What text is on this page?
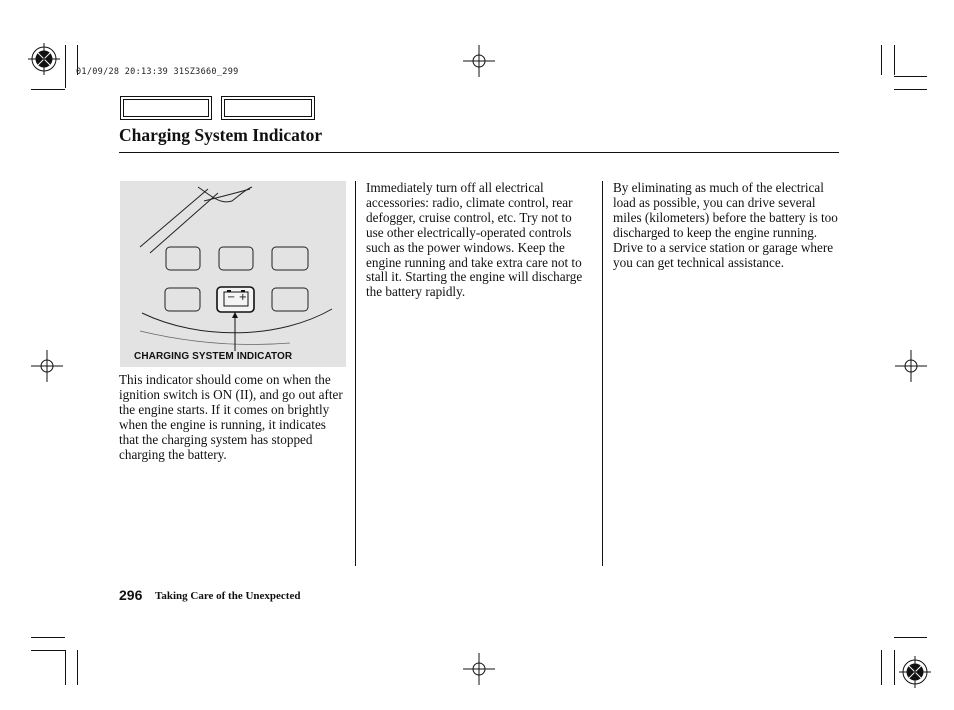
01/09/28 20:13:39 31SZ3660_299
Charging System Indicator
− +
CHARGING SYSTEM INDICATOR

This indicator should come on when the ignition switch is ON (II), and go out after the engine starts. If it comes on brightly when the engine is running, it indicates that the charging system has stopped charging the battery.

Immediately turn off all electrical accessories: radio, climate control, rear defogger, cruise control, etc. Try not to use other electrically-operated controls such as the power windows. Keep the engine running and take extra care not to stall it. Starting the engine will discharge the battery rapidly.

By eliminating as much of the electrical load as possible, you can drive several miles (kilometers) before the battery is too discharged to keep the engine running. Drive to a service station or garage where you can get technical assistance.

296 Taking Care of the Unexpected
